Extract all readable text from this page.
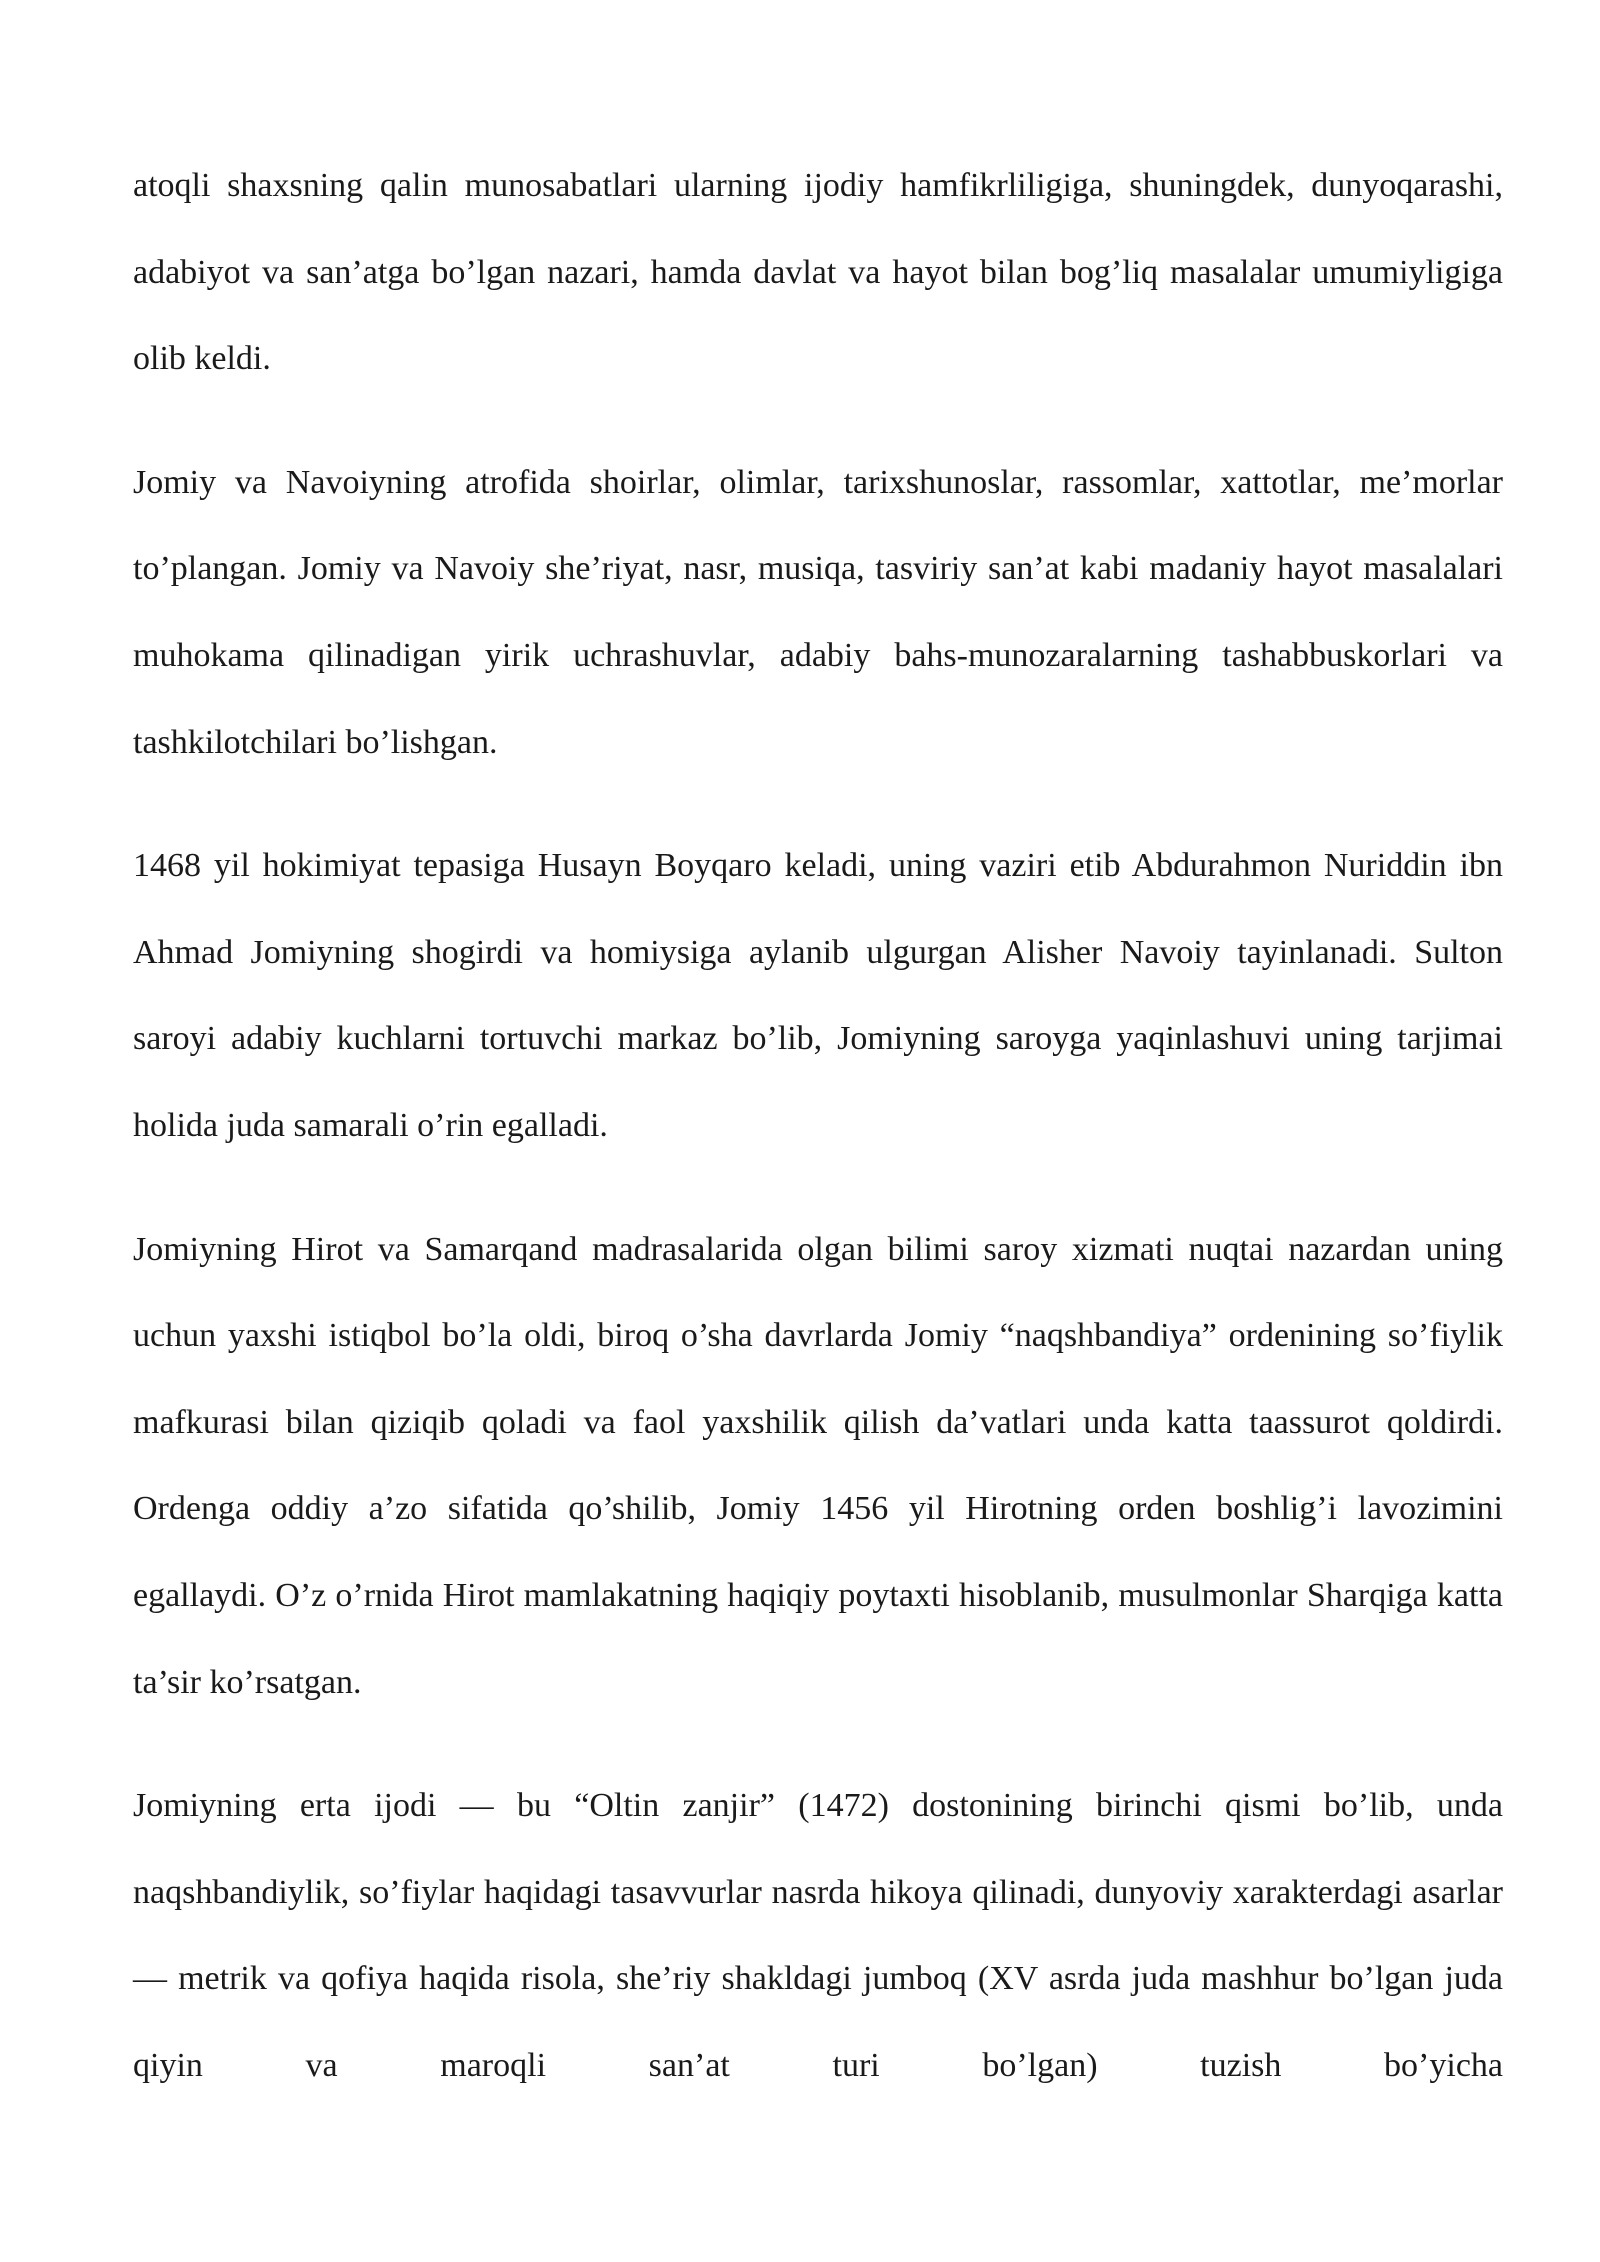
atoqli shaxsning qalin munosabatlari ularning ijodiy hamfikrliligiga, shuningdek, dunyoqarashi, adabiyot va san’atga bo’lgan nazari, hamda davlat va hayot bilan bog’liq masalalar umumiyligiga olib keldi.

Jomiy va Navoiyning atrofida shoirlar, olimlar, tarixshunoslar, rassomlar, xattotlar, me’morlar to’plangan. Jomiy va Navoiy she’riyat, nasr, musiqa, tasviriy san’at kabi madaniy hayot masalalari muhokama qilinadigan yirik uchrashuvlar, adabiy bahs-munozaralarning tashabbuskorlari va tashkilotchilari bo’lishgan.

1468 yil hokimiyat tepasiga Husayn Boyqaro keladi, uning vaziri etib Abdurahmon Nuriddin ibn Ahmad Jomiyning shogirdi va homiysiga aylanib ulgurgan Alisher Navoiy tayinlanadi. Sulton saroyi adabiy kuchlarni tortuvchi markaz bo’lib, Jomiyning saroyga yaqinlashuvi uning tarjimai holida juda samarali o’rin egalladi.

Jomiyning Hirot va Samarqand madrasalarida olgan bilimi saroy xizmati nuqtai nazardan uning uchun yaxshi istiqbol bo’la oldi, biroq o’sha davrlarda Jomiy “naqshbandiya” ordenining so’fiylik mafkurasi bilan qiziqib qoladi va faol yaxshilik qilish da’vatlari unda katta taassurot qoldirdi. Ordenga oddiy a’zo sifatida qo’shilib, Jomiy 1456 yil Hirotning orden boshlig’i lavozimini egallaydi. O’z o’rnida Hirot mamlakatning haqiqiy poytaxti hisoblanib, musulmonlar Sharqiga katta ta’sir ko’rsatgan.

Jomiyning erta ijodi — bu “Oltin zanjir” (1472) dostonining birinchi qismi bo’lib, unda naqshbandiylik, so’fiylar haqidagi tasavvurlar nasrda hikoya qilinadi, dunyoviy xarakterdagi asarlar — metrik va qofiya haqida risola, she’riy shakldagi jumboq (XV asrda juda mashhur bo’lgan juda qiyin va maroqli san’at turi bo’lgan) tuzish bo’yicha
